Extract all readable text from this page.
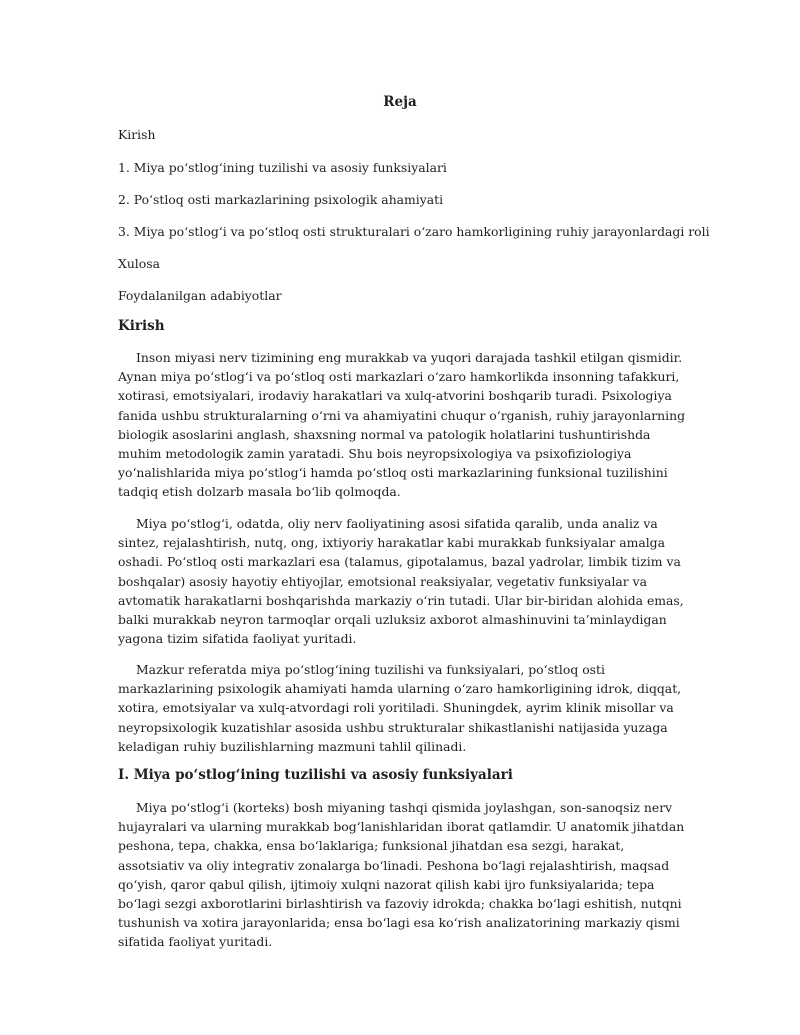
Reja
Kirish
1. Miya po‘stlog‘ining tuzilishi va asosiy funksiyalari
2. Po‘stloq osti markazlarining psixologik ahamiyati
3. Miya po‘stlog‘i va po‘stloq osti strukturalari o‘zaro hamkorligining ruhiy jarayonlardagi roli
Xulosa
Foydalanilgan adabiyotlar
Kirish
Inson miyasi nerv tizimining eng murakkab va yuqori darajada tashkil etilgan qismidir. Aynan miya po‘stlog‘i va po‘stloq osti markazlari o‘zaro hamkorlikda insonning tafakkuri, xotirasi, emotsiyalari, irodaviy harakatlari va xulq-atvorini boshqarib turadi. Psixologiya fanida ushbu strukturalarning o‘rni va ahamiyatini chuqur o‘rganish, ruhiy jarayonlarning biologik asoslarini anglash, shaxsning normal va patologik holatlarini tushuntirishda muhim metodologik zamin yaratadi. Shu bois neyropsixologiya va psixofiziologiya yo‘nalishlarida miya po‘stlog‘i hamda po‘stloq osti markazlarining funksional tuzilishini tadqiq etish dolzarb masala bo‘lib qolmoqda.
Miya po‘stlog‘i, odatda, oliy nerv faoliyatining asosi sifatida qaralib, unda analiz va sintez, rejalashtirish, nutq, ong, ixtiyoriy harakatlar kabi murakkab funksiyalar amalga oshadi. Po‘stloq osti markazlari esa (talamus, gipotalamus, bazal yadrolar, limbik tizim va boshqalar) asosiy hayotiy ehtiyojlar, emotsional reaksiyalar, vegetativ funksiyalar va avtomatik harakatlarni boshqarishda markaziy o‘rin tutadi. Ular bir-biridan alohida emas, balki murakkab neyron tarmoqlar orqali uzluksiz axborot almashinuvini ta’minlaydigan yagona tizim sifatida faoliyat yuritadi.
Mazkur referatda miya po‘stlog‘ining tuzilishi va funksiyalari, po‘stloq osti markazlarining psixologik ahamiyati hamda ularning o‘zaro hamkorligining idrok, diqqat, xotira, emotsiyalar va xulq-atvordagi roli yoritiladi. Shuningdek, ayrim klinik misollar va neyropsixologik kuzatishlar asosida ushbu strukturalar shikastlanishi natijasida yuzaga keladigan ruhiy buzilishlarning mazmuni tahlil qilinadi.
I. Miya po‘stlog‘ining tuzilishi va asosiy funksiyalari
Miya po‘stlog‘i (korteks) bosh miyaning tashqi qismida joylashgan, son-sanoqsiz nerv hujayralari va ularning murakkab bog‘lanishlaridan iborat qatlamdir. U anatomik jihatdan peshona, tepa, chakka, ensa bo‘laklariga; funksional jihatdan esa sezgi, harakat, assotsiativ va oliy integrativ zonalarga bo‘linadi. Peshona bo‘lagi rejalashtirish, maqsad qo‘yish, qaror qabul qilish, ijtimoiy xulqni nazorat qilish kabi ijro funksiyalarida; tepa bo‘lagi sezgi axborotlarini birlashtirish va fazoviy idrokda; chakka bo‘lagi eshitish, nutqni tushunish va xotira jarayonlarida; ensa bo‘lagi esa ko‘rish analizatorining markaziy qismi sifatida faoliyat yuritadi.
